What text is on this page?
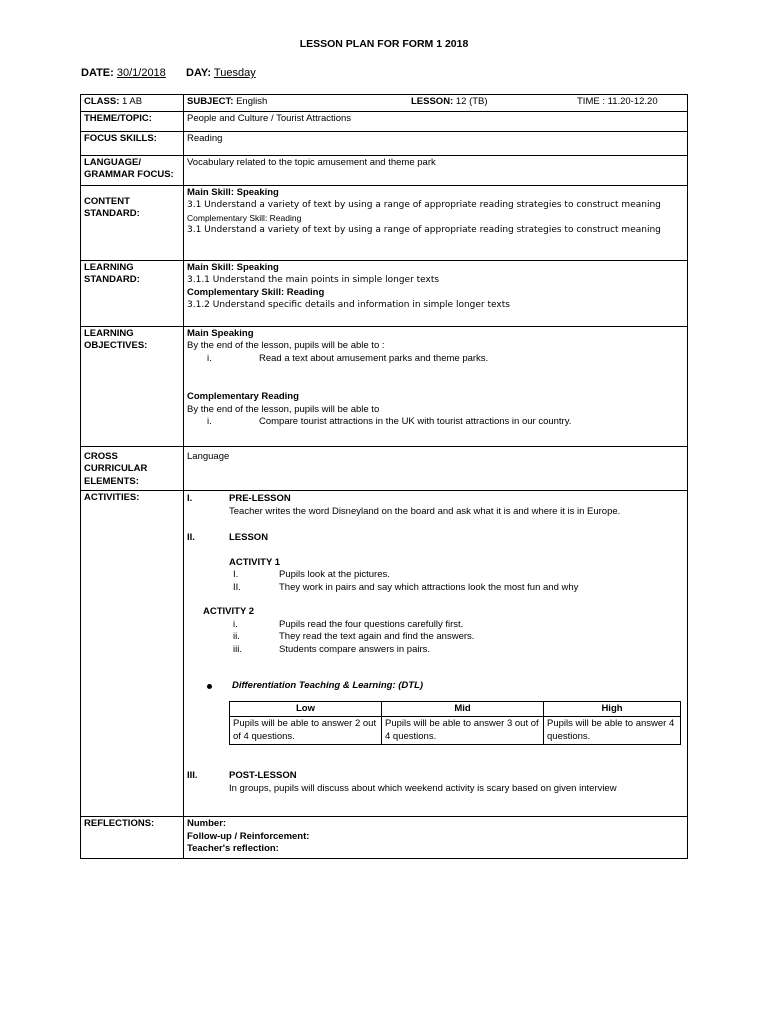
LESSON PLAN FOR FORM 1 2018
DATE: 30/1/2018 DAY: Tuesday
CLASS: 1 AB	SUBJECT: English	LESSON: 12 (TB)	TIME : 11.20-12.20

THEME/TOPIC:	People and Culture / Tourist Attractions
FOCUS SKILLS:	Reading
LANGUAGE/ GRAMMAR FOCUS:	Vocabulary related to the topic amusement and theme park
CONTENT STANDARD:	
Main Skill: Speaking
3.1 Understand a variety of text by using a range of appropriate reading strategies to construct meaning
Complementary Skill: Reading
3.1 Understand a variety of text by using a range of appropriate reading strategies to construct meaning

LEARNING STANDARD:	
Main Skill: Speaking
3.1.1 Understand the main points in simple longer texts
Complementary Skill: Reading
3.1.2 Understand specific details and information in simple longer texts

LEARNING OBJECTIVES:	
Main Speaking
By the end of the lesson, pupils will be able to :
i.	Read a text about amusement parks and theme parks.
Complementary Reading
By the end of the lesson, pupils will be able to
i.	Compare tourist attractions in the UK with tourist attractions in our country.

CROSS CURRICULAR ELEMENTS:	Language
ACTIVITIES:	I.	PRE-LESSON
Teacher writes the word Disneyland on the board and ask what it is and where it is in Europe.
II.	LESSON
ACTIVITY 1
I.	Pupils look at the pictures.
II.	They work in pairs and say which attractions look the most fun and why
ACTIVITY 2
i.	Pupils read the four questions carefully first.
ii.	They read the text again and find the answers.
iii.	Students compare answers in pairs.
Differentiation Teaching & Learning: (DTL)
Low	Mid	High
Pupils will be able to answer 2 out of 4 questions.	Pupils will be able to answer 3 out of 4 questions.	Pupils will be able to answer 4 questions.
III.	POST-LESSON
In groups, pupils will discuss about which weekend activity is scary based on given interview

REFLECTIONS:	Number:
Follow-up / Reinforcement:
Teacher's reflection:
